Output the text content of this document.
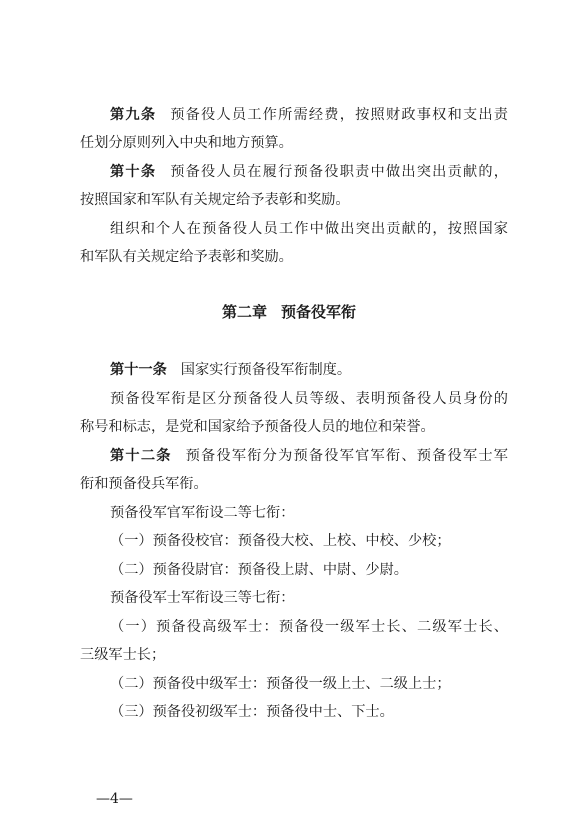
第九条 预备役人员工作所需经费，按照财政事权和支出责
任划分原则列入中央和地方预算。
第十条 预备役人员在履行预备役职责中做出突出贡献的，
按照国家和军队有关规定给予表彰和奖励。
组织和个人在预备役人员工作中做出突出贡献的，按照国家
和军队有关规定给予表彰和奖励。
第二章 预备役军衔
第十一条 国家实行预备役军衔制度。
预备役军衔是区分预备役人员等级、表明预备役人员身份的
称号和标志，是党和国家给予预备役人员的地位和荣誉。
第十二条 预备役军衔分为预备役军官军衔、预备役军士军
衔和预备役兵军衔。
预备役军官军衔设二等七衔：
（一）预备役校官：预备役大校、上校、中校、少校；
（二）预备役尉官：预备役上尉、中尉、少尉。
预备役军士军衔设三等七衔：
（一）预备役高级军士：预备役一级军士长、二级军士长、
三级军士长；
（二）预备役中级军士：预备役一级上士、二级上士；
（三）预备役初级军士：预备役中士、下士。
—4—
